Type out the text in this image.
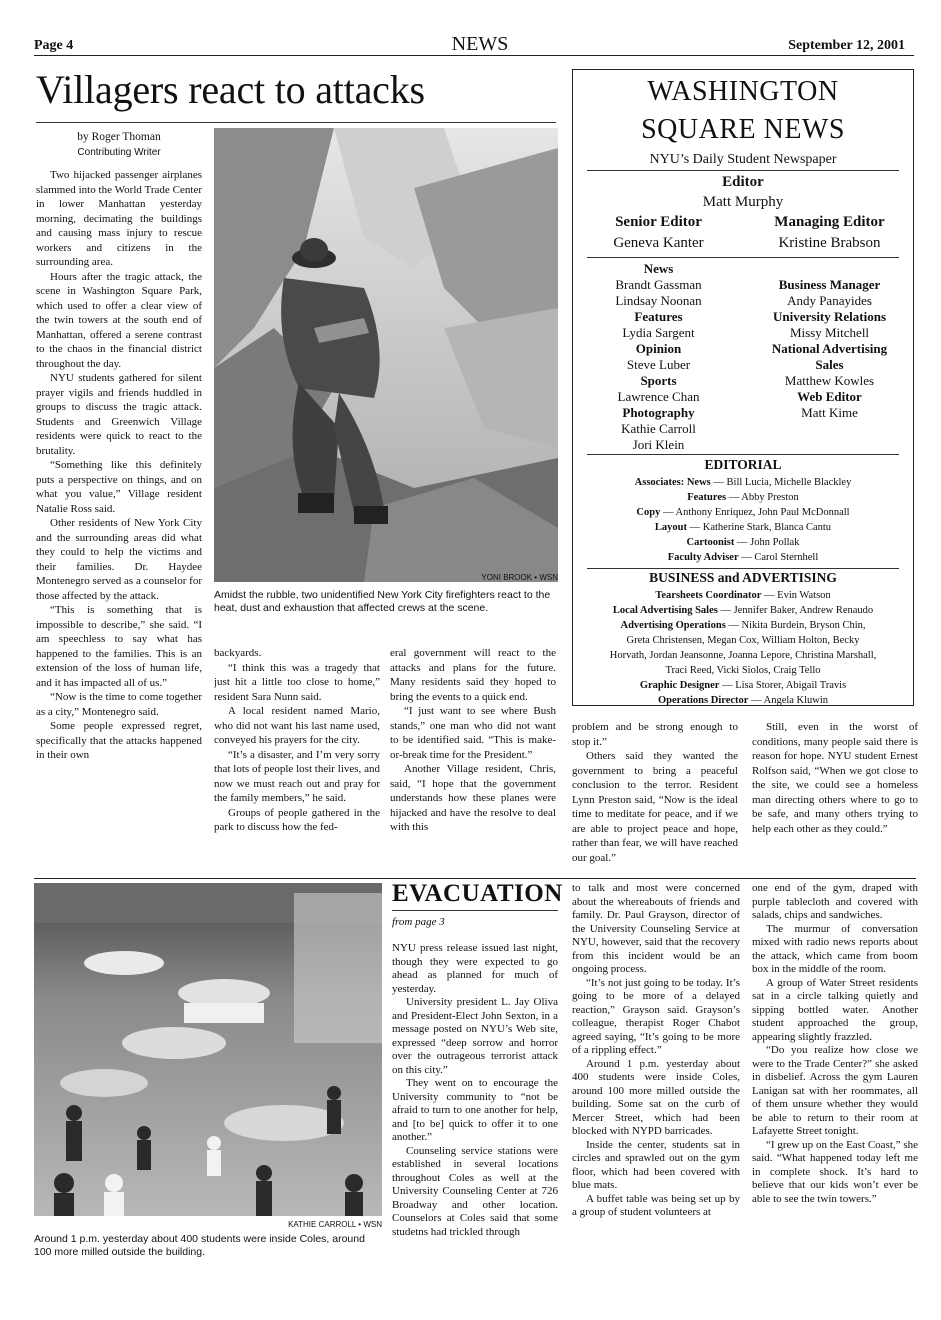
Page 4	NEWS	September 12, 2001
Villagers react to attacks
by Roger Thoman
Contributing Writer

Two hijacked passenger airplanes slammed into the World Trade Center in lower Manhattan yesterday morning, decimating the buildings and causing mass injury to rescue workers and citizens in the surrounding area.

Hours after the tragic attack, the scene in Washington Square Park, which used to offer a clear view of the twin towers at the south end of Manhattan, offered a serene contrast to the chaos in the financial district throughout the day.

NYU students gathered for silent prayer vigils and friends huddled in groups to discuss the tragic attack. Students and Greenwich Village residents were quick to react to the brutality.

“Something like this definitely puts a perspective on things, and on what you value,” Village resident Natalie Ross said.

Other residents of New York City and the surrounding areas did what they could to help the victims and their families. Dr. Haydee Montenegro served as a counselor for those affected by the attack.

“This is something that is impossible to describe,” she said. “I am speechless to say what has happened to the families. This is an extension of the loss of human life, and it has impacted all of us.”

“Now is the time to come together as a city,” Montenegro said.

Some people expressed regret, specifically that the attacks happened in their own

backyards.

“I think this was a tragedy that just hit a little too close to home,” resident Sara Nunn said.

A local resident named Mario, who did not want his last name used, conveyed his prayers for the city.

“It’s a disaster, and I’m very sorry that lots of people lost their lives, and now we must reach out and pray for the family members,” he said.

Groups of people gathered in the park to discuss how the fed-

eral government will react to the attacks and plans for the future. Many residents said they hoped to bring the events to a quick end.

“I just want to see where Bush stands,” one man who did not want to be identified said. “This is make-or-break time for the President.”

Another Village resident, Chris, said, “I hope that the government understands how these planes were hijacked and have the resolve to deal with this

problem and be strong enough to stop it.”

Others said they wanted the government to bring a peaceful conclusion to the terror. Resident Lynn Preston said, “Now is the ideal time to meditate for peace, and if we are able to project peace and hope, rather than fear, we will have reached our goal.”

Still, even in the worst of conditions, many people said there is reason for hope. NYU student Ernest Rolfson said, “When we got close to the site, we could see a homeless man directing others where to go to be safe, and many others trying to help each other as they could.”

YONI BROOK • WSN
Amidst the rubble, two unidentified New York City firefighters react to the heat, dust and exhaustion that affected crews at the scene.
WASHINGTON
SQUARE NEWS
NYU’s Daily Student Newspaper
Editor
Matt Murphy
Senior Editor
Geneva Kanter
Managing Editor
Kristine Brabson
News
Brandt Gassman
Lindsay Noonan
Features
Lydia Sargent
Opinion
Steve Luber
Sports
Lawrence Chan
Photography
Kathie Carroll
Jori Klein
Business Manager
Andy Panayides
University Relations
Missy Mitchell
National Advertising
Sales
Matthew Kowles
Web Editor
Matt Kime
EDITORIAL
Associates: News — Bill Lucia, Michelle Blackley
Features — Abby Preston
Copy — Anthony Enriquez, John Paul McDonnall
Layout — Katherine Stark, Blanca Cantu
Cartoonist — John Pollak
Faculty Adviser — Carol Sternhell
BUSINESS and ADVERTISING
Tearsheets Coordinator — Evin Watson
Local Advertising Sales — Jennifer Baker, Andrew Renaudo
Advertising Operations — Nikita Burdein, Bryson Chin,
Greta Christensen, Megan Cox, William Holton, Becky
Horvath, Jordan Jeansonne, Joanna Lepore, Christina Marshall,
Traci Reed, Vicki Siolos, Craig Tello
Graphic Designer — Lisa Storer, Abigail Travis
Operations Director — Angela Kluwin
KATHIE CARROLL • WSN
Around 1 p.m. yesterday about 400 students were inside Coles, around 100 more milled outside the building.
EVACUATION
from page 3

NYU press release issued last night, though they were expected to go ahead as planned for much of yesterday.

University president L. Jay Oliva and President-Elect John Sexton, in a message posted on NYU’s Web site, expressed “deep sorrow and horror over the outrageous terrorist attack on this city.”

They went on to encourage the University community to “not be afraid to turn to one another for help, and [to be] quick to offer it to one another.”

Counseling service stations were established in several locations throughout Coles as well at the University Counseling Center at 726 Broadway and other location. Counselors at Coles said that some studetns had trickled through

to talk and most were concerned about the whereabouts of friends and family. Dr. Paul Grayson, director of the University Counseling Service at NYU, however, said that the recovery from this incident would be an ongoing process.

“It’s not just going to be today. It’s going to be more of a delayed reaction,” Grayson said. Grayson’s colleague, therapist Roger Chabot agreed saying, “It’s going to be more of a rippling effect.”

Around 1 p.m. yesterday about 400 students were inside Coles, around 100 more milled outside the building. Some sat on the curb of Mercer Street, which had been blocked with NYPD barricades.

Inside the center, students sat in circles and sprawled out on the gym floor, which had been covered with blue mats.

A buffet table was being set up by a group of student volunteers at

one end of the gym, draped with purple tablecloth and covered with salads, chips and sandwiches.

The murmur of conversation mixed with radio news reports about the attack, which came from boom box in the middle of the room.

A group of Water Street residents sat in a circle talking quietly and sipping bottled water. Another student approached the group, appearing slightly frazzled.

“Do you realize how close we were to the Trade Center?” she asked in disbelief. Across the gym Lauren Lanigan sat with her roommates, all of them unsure whether they would be able to return to their room at Lafayette Street tonight.

“I grew up on the East Coast,” she said. “What happened today left me in complete shock. It’s hard to believe that our kids won’t ever be able to see the twin towers.”
